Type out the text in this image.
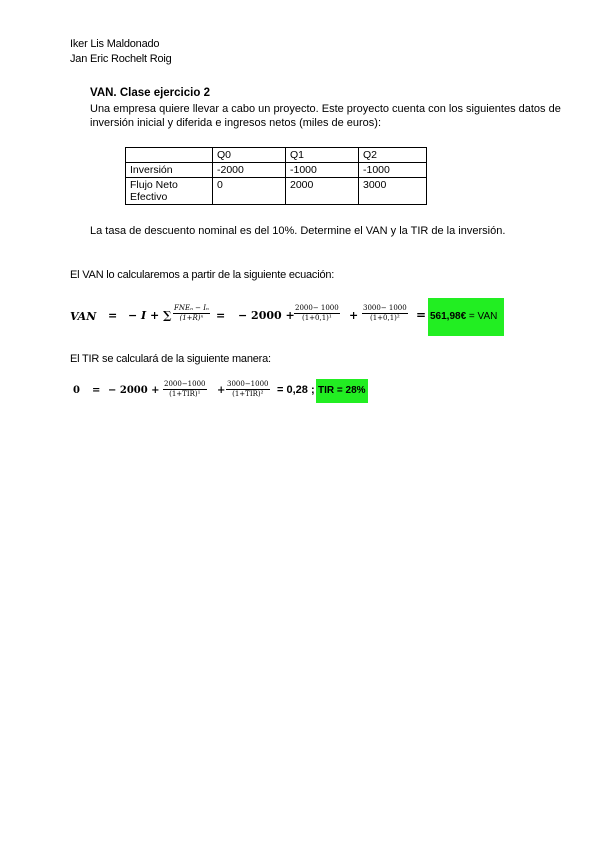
Iker Lis Maldonado
Jan Eric Rochelt Roig
VAN. Clase ejercicio 2
Una empresa quiere llevar a cabo un proyecto. Este proyecto cuenta con los siguientes datos de
inversión inicial y diferida e ingresos netos (miles de euros):
	Q0	Q1	Q2
Inversión	-2000	-1000	-1000

Flujo Neto
Efectivo	0	2000	3000
La tasa de descuento nominal es del 10%. Determine el VAN y la TIR de la inversión.
El VAN lo calcularemos a partir de la siguiente ecuación:
VAN = − I + ∑
FNEₙ − Iₙ
(1+R)ⁿ	= − $2000 + \frac{2000- 1000}{\text{(1+0,1)¹}} + \frac{3000- 1000}{\text{(1+0,1)²}}$ = 561,98€ = VAN
El TIR se calculará de la siguiente manera:
0 = − 2000 +
2000−1000
(1+TIR)¹	+
3000−1000
(1+TIR)²	= 0,28 ; TIR = 28%
